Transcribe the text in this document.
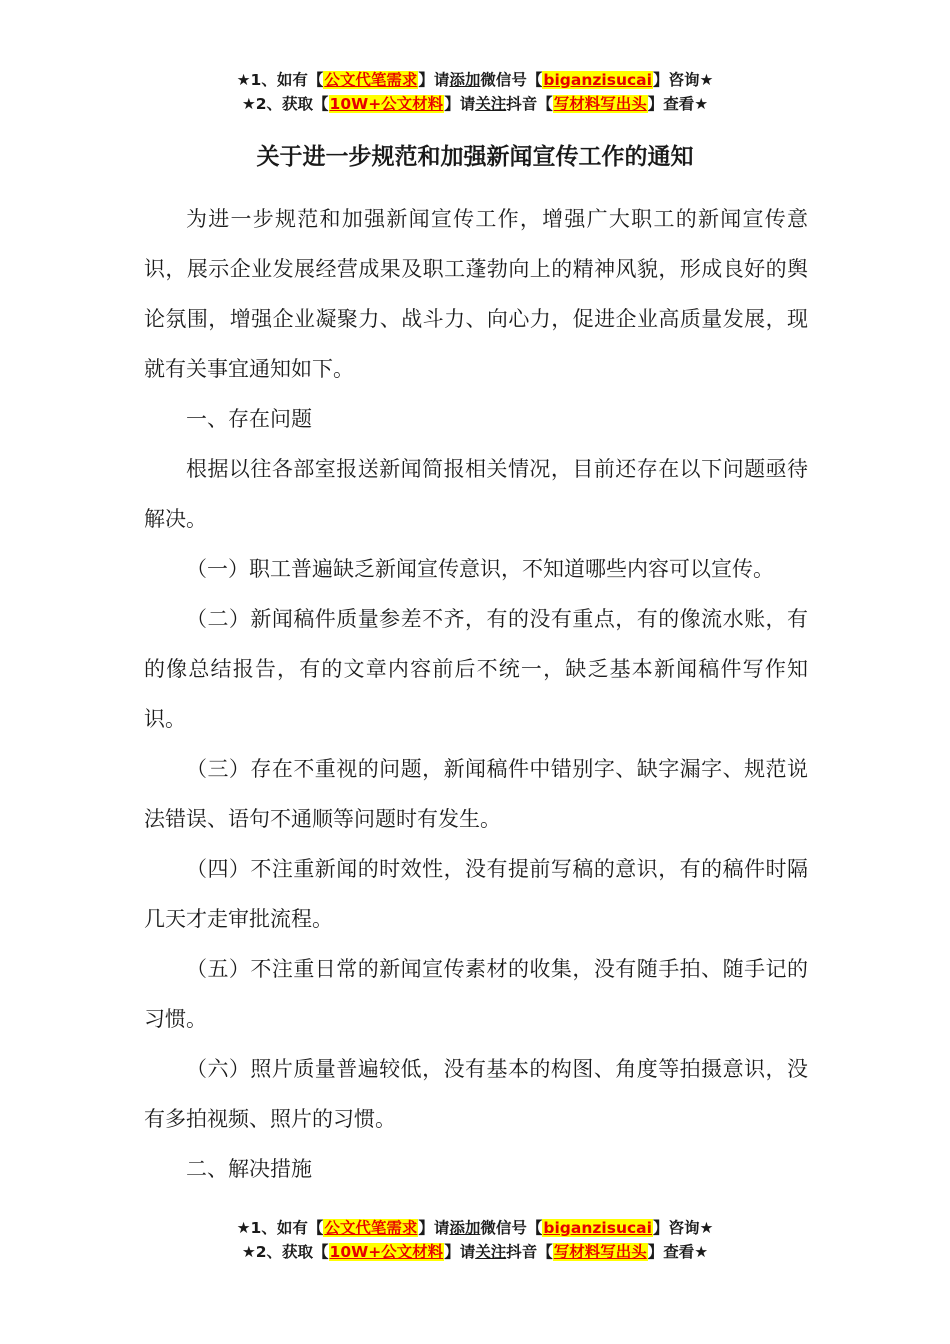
★1、如有【公文代笔需求】请添加微信号【biganzisucai】咨询★
★2、获取【10W+公文材料】请关注抖音【写材料写出头】查看★
关于进一步规范和加强新闻宣传工作的通知

为进一步规范和加强新闻宣传工作，增强广大职工的新闻宣传意识，展示企业发展经营成果及职工蓬勃向上的精神风貌，形成良好的舆论氛围，增强企业凝聚力、战斗力、向心力，促进企业高质量发展，现就有关事宜通知如下。

一、存在问题

根据以往各部室报送新闻简报相关情况，目前还存在以下问题亟待解决。

（一）职工普遍缺乏新闻宣传意识，不知道哪些内容可以宣传。

（二）新闻稿件质量参差不齐，有的没有重点，有的像流水账，有的像总结报告，有的文章内容前后不统一，缺乏基本新闻稿件写作知识。

（三）存在不重视的问题，新闻稿件中错别字、缺字漏字、规范说法错误、语句不通顺等问题时有发生。

（四）不注重新闻的时效性，没有提前写稿的意识，有的稿件时隔几天才走审批流程。

（五）不注重日常的新闻宣传素材的收集，没有随手拍、随手记的习惯。

（六）照片质量普遍较低，没有基本的构图、角度等拍摄意识，没有多拍视频、照片的习惯。

二、解决措施

★1、如有【公文代笔需求】请添加微信号【biganzisucai】咨询★
★2、获取【10W+公文材料】请关注抖音【写材料写出头】查看★
